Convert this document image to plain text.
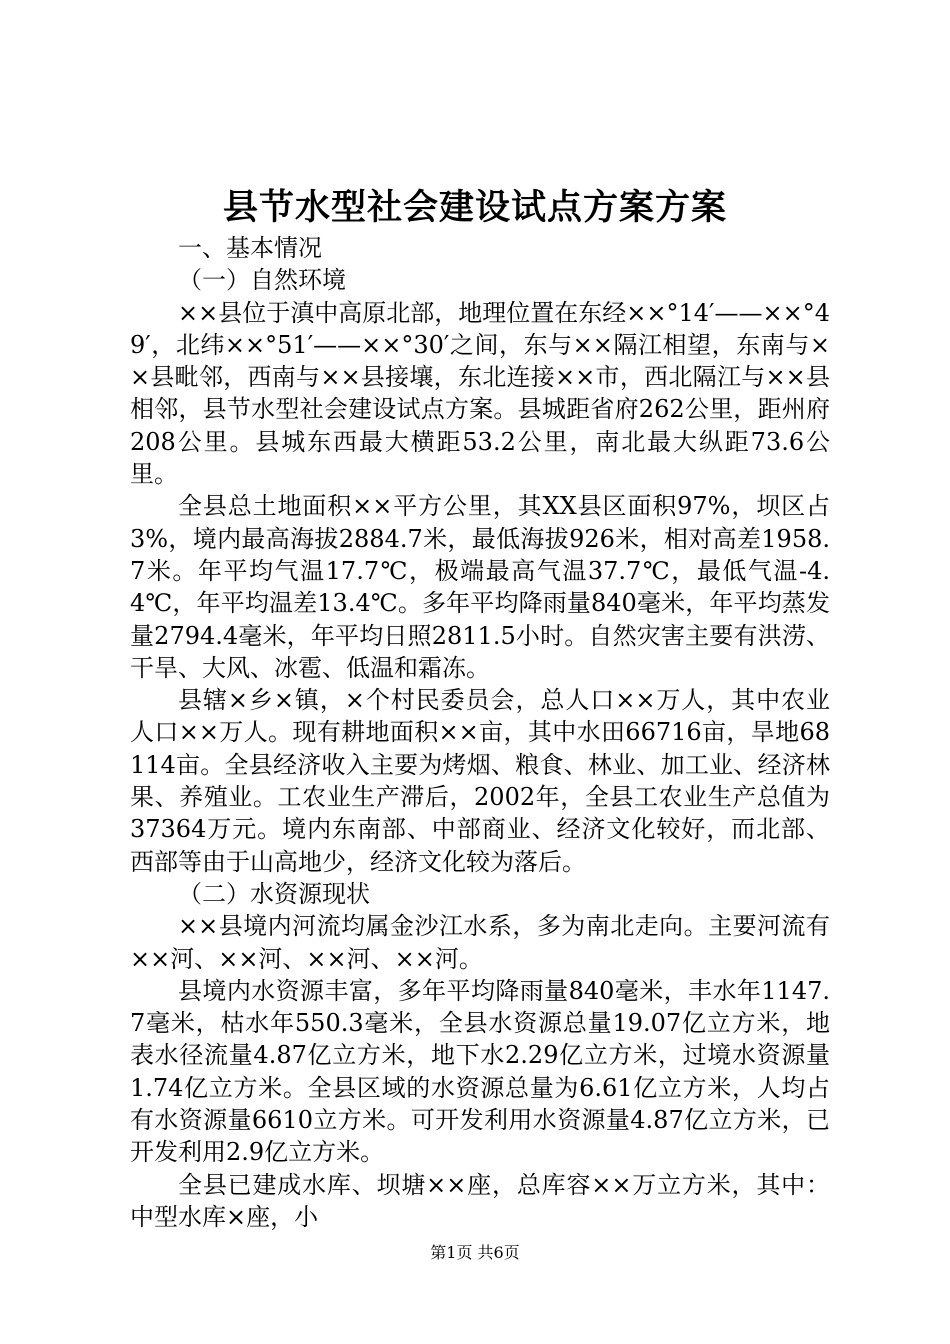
县节水型社会建设试点方案方案

一、基本情况

（一）自然环境

××县位于滇中高原北部，地理位置在东经××°14′——××°49′，北纬××°51′——××°30′之间，东与××隔江相望，东南与××县毗邻，西南与××县接壤，东北连接××市，西北隔江与××县相邻，县节水型社会建设试点方案。县城距省府262公里，距州府208公里。县城东西最大横距53.2公里，南北最大纵距73.6公里。

全县总土地面积××平方公里，其XX县区面积97%，坝区占3%，境内最高海拔2884.7米，最低海拔926米，相对高差1958.7米。年平均气温17.7℃，极端最高气温37.7℃，最低气温-4.4℃，年平均温差13.4℃。多年平均降雨量840毫米，年平均蒸发量2794.4毫米，年平均日照2811.5小时。自然灾害主要有洪涝、干旱、大风、冰雹、低温和霜冻。

县辖×乡×镇，×个村民委员会，总人口××万人，其中农业人口××万人。现有耕地面积××亩，其中水田66716亩，旱地68114亩。全县经济收入主要为烤烟、粮食、林业、加工业、经济林果、养殖业。工农业生产滞后，2002年，全县工农业生产总值为37364万元。境内东南部、中部商业、经济文化较好，而北部、西部等由于山高地少，经济文化较为落后。

（二）水资源现状

××县境内河流均属金沙江水系，多为南北走向。主要河流有××河、××河、××河、××河。

县境内水资源丰富，多年平均降雨量840毫米，丰水年1147.7毫米，枯水年550.3毫米，全县水资源总量19.07亿立方米，地表水径流量4.87亿立方米，地下水2.29亿立方米，过境水资源量1.74亿立方米。全县区域的水资源总量为6.61亿立方米，人均占有水资源量6610立方米。可开发利用水资源量4.87亿立方米，已开发利用2.9亿立方米。

全县已建成水库、坝塘××座，总库容××万立方米，其中：中型水库×座，小

第1页 共6页
